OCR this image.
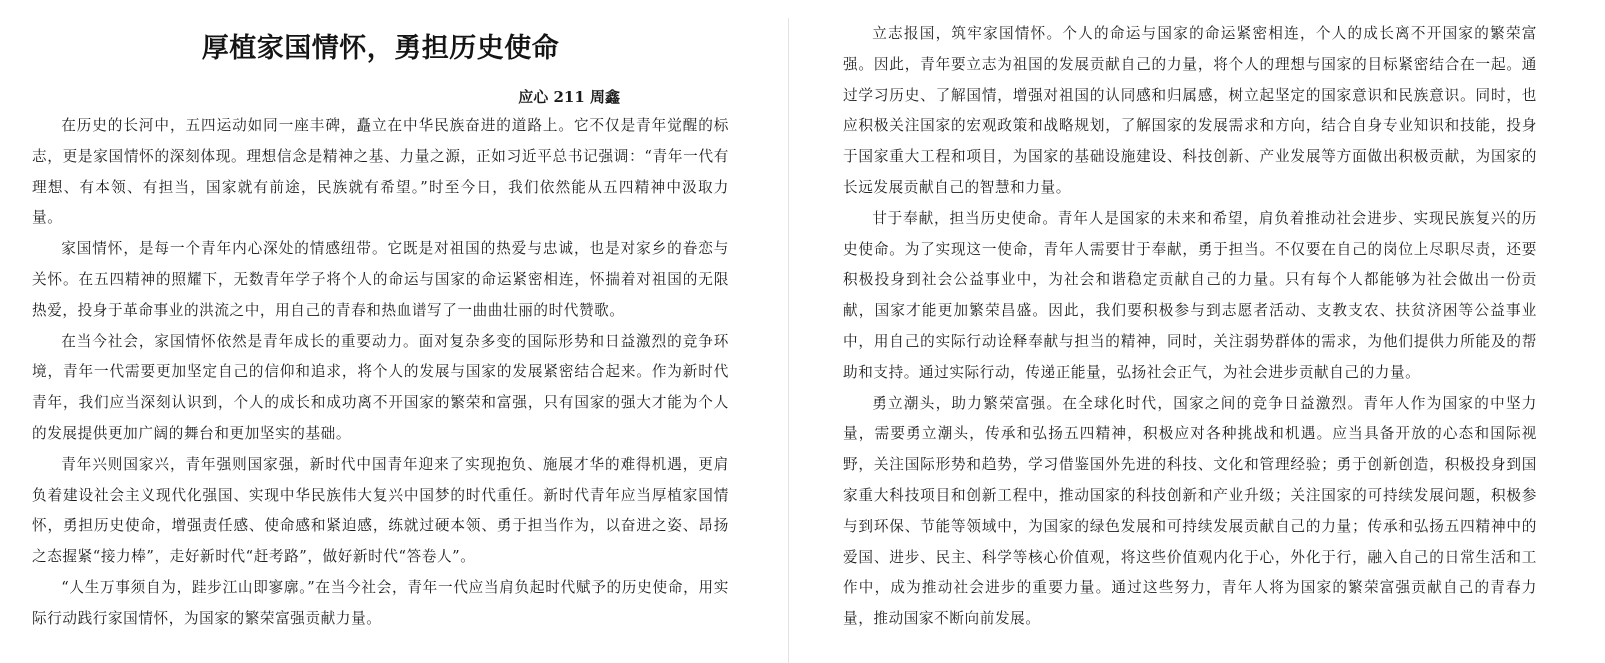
厚植家国情怀，勇担历史使命
应心 211 周鑫

在历史的长河中，五四运动如同一座丰碑，矗立在中华民族奋进的道路上。它不仅是青年觉醒的标志，更是家国情怀的深刻体现。理想信念是精神之基、力量之源，正如习近平总书记强调：“青年一代有理想、有本领、有担当，国家就有前途，民族就有希望。”时至今日，我们依然能从五四精神中汲取力量。

家国情怀，是每一个青年内心深处的情感纽带。它既是对祖国的热爱与忠诚，也是对家乡的眷恋与关怀。在五四精神的照耀下，无数青年学子将个人的命运与国家的命运紧密相连，怀揣着对祖国的无限热爱，投身于革命事业的洪流之中，用自己的青春和热血谱写了一曲曲壮丽的时代赞歌。

在当今社会，家国情怀依然是青年成长的重要动力。面对复杂多变的国际形势和日益激烈的竞争环境，青年一代需要更加坚定自己的信仰和追求，将个人的发展与国家的发展紧密结合起来。作为新时代青年，我们应当深刻认识到，个人的成长和成功离不开国家的繁荣和富强，只有国家的强大才能为个人的发展提供更加广阔的舞台和更加坚实的基础。

青年兴则国家兴，青年强则国家强，新时代中国青年迎来了实现抱负、施展才华的难得机遇，更肩负着建设社会主义现代化强国、实现中华民族伟大复兴中国梦的时代重任。新时代青年应当厚植家国情怀，勇担历史使命，增强责任感、使命感和紧迫感，练就过硬本领、勇于担当作为，以奋进之姿、昂扬之态握紧“接力棒”，走好新时代“赶考路”，做好新时代“答卷人”。

“人生万事须自为，跬步江山即寥廓。”在当今社会，青年一代应当肩负起时代赋予的历史使命，用实际行动践行家国情怀，为国家的繁荣富强贡献力量。

立志报国，筑牢家国情怀。个人的命运与国家的命运紧密相连，个人的成长离不开国家的繁荣富强。因此，青年要立志为祖国的发展贡献自己的力量，将个人的理想与国家的目标紧密结合在一起。通过学习历史、了解国情，增强对祖国的认同感和归属感，树立起坚定的国家意识和民族意识。同时，也应积极关注国家的宏观政策和战略规划，了解国家的发展需求和方向，结合自身专业知识和技能，投身于国家重大工程和项目，为国家的基础设施建设、科技创新、产业发展等方面做出积极贡献，为国家的长远发展贡献自己的智慧和力量。

甘于奉献，担当历史使命。青年人是国家的未来和希望，肩负着推动社会进步、实现民族复兴的历史使命。为了实现这一使命，青年人需要甘于奉献，勇于担当。不仅要在自己的岗位上尽职尽责，还要积极投身到社会公益事业中，为社会和谐稳定贡献自己的力量。只有每个人都能够为社会做出一份贡献，国家才能更加繁荣昌盛。因此，我们要积极参与到志愿者活动、支教支农、扶贫济困等公益事业中，用自己的实际行动诠释奉献与担当的精神，同时，关注弱势群体的需求，为他们提供力所能及的帮助和支持。通过实际行动，传递正能量，弘扬社会正气，为社会进步贡献自己的力量。

勇立潮头，助力繁荣富强。在全球化时代，国家之间的竞争日益激烈。青年人作为国家的中坚力量，需要勇立潮头，传承和弘扬五四精神，积极应对各种挑战和机遇。应当具备开放的心态和国际视野，关注国际形势和趋势，学习借鉴国外先进的科技、文化和管理经验；勇于创新创造，积极投身到国家重大科技项目和创新工程中，推动国家的科技创新和产业升级；关注国家的可持续发展问题，积极参与到环保、节能等领域中，为国家的绿色发展和可持续发展贡献自己的力量；传承和弘扬五四精神中的爱国、进步、民主、科学等核心价值观，将这些价值观内化于心，外化于行，融入自己的日常生活和工作中，成为推动社会进步的重要力量。通过这些努力，青年人将为国家的繁荣富强贡献自己的青春力量，推动国家不断向前发展。
